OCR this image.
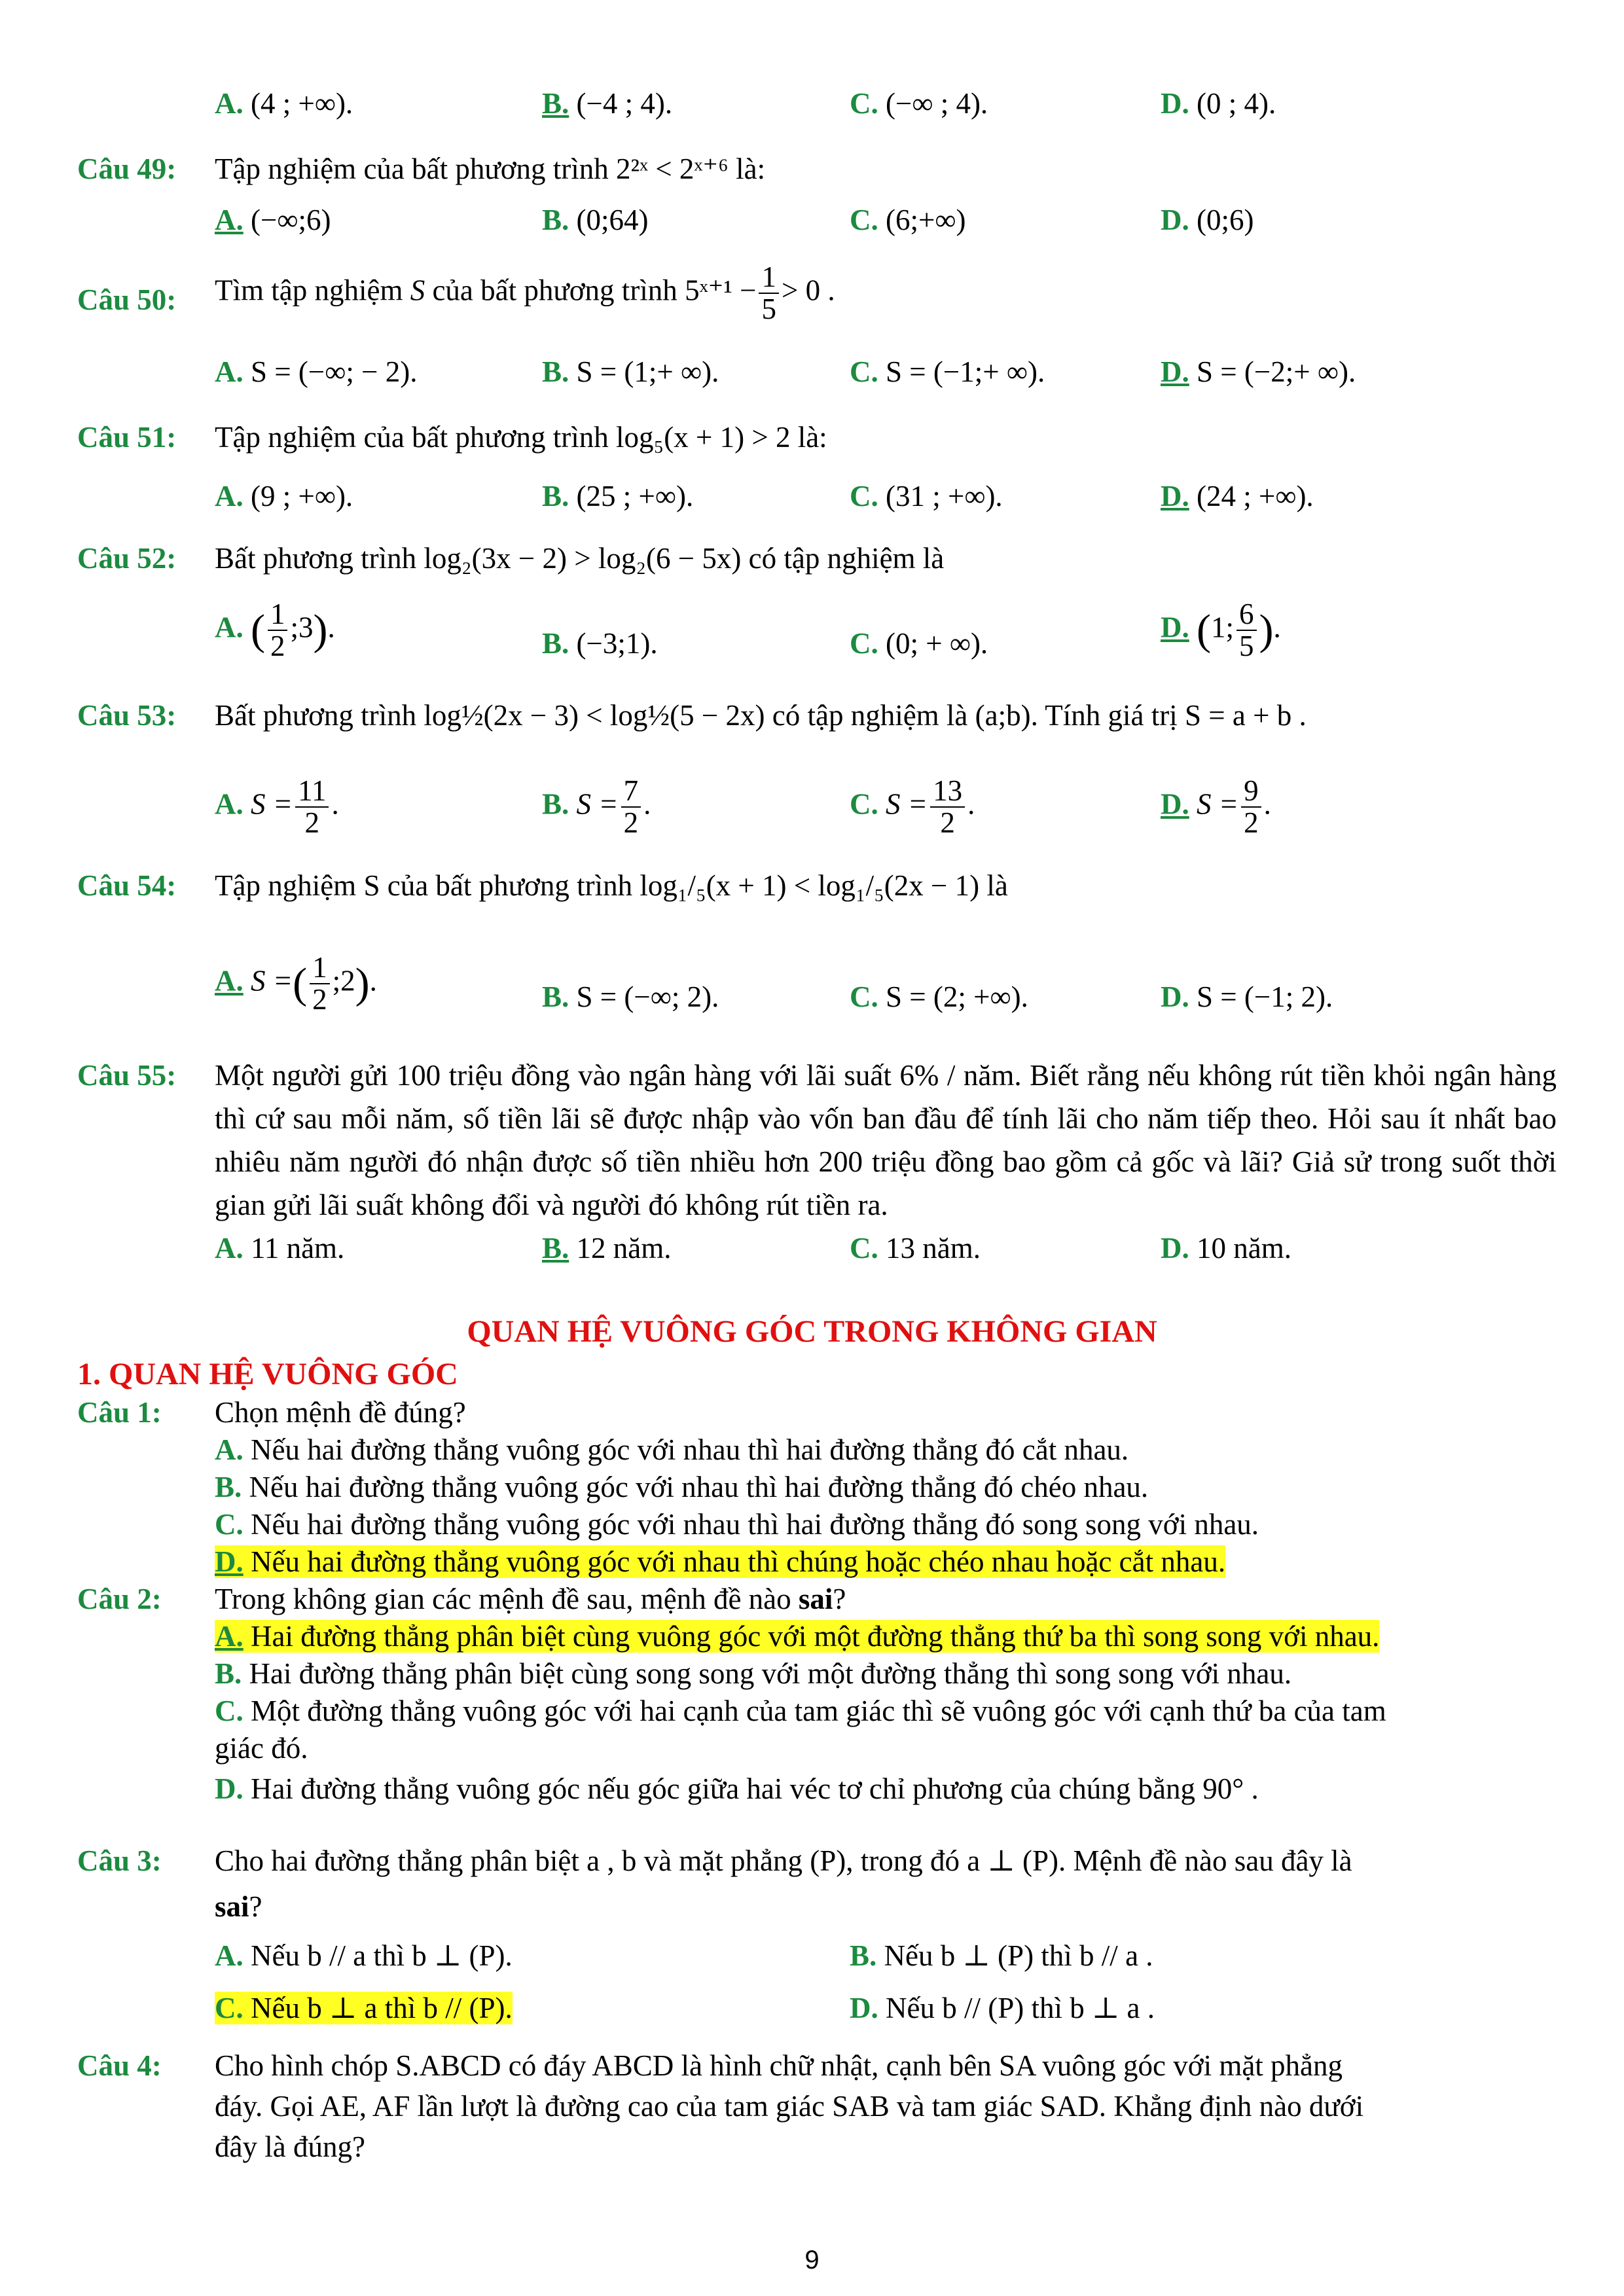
A. (4 ; +∞).	B. (−4 ; 4).	C. (−∞ ; 4).	D. (0 ; 4).
Câu 49: Tập nghiệm của bất phương trình 2²ˣ < 2ˣ⁺⁶ là:
A. (−∞;6)	B. (0;64)	C. (6;+∞)	D. (0;6)
Câu 50: Tìm tập nghiệm S của bất phương trình 5ˣ⁺¹ − $\frac{1}{5} > 0$ .
A. S = (−∞; − 2).	B. S = (1;+ ∞).	C. S = (−1;+ ∞).	D. S = (−2;+ ∞).
Câu 51: Tập nghiệm của bất phương trình log₅(x + 1) > 2 là:
A. (9 ; +∞).	B. (25 ; +∞).	C. (31 ; +∞).	D. (24 ; +∞).
Câu 52: Bất phương trình log₂(3x − 2) > log₂(6 − 5x) có tập nghiệm là
A. ( $\frac{1}{2}$ ;3).	B. (−3;1).	C. (0; + ∞).	D. (1; $\frac{6}{5}$ ).
Câu 53: Bất phương trình log½(2x − 3) < log½(5 − 2x) có tập nghiệm là (a;b). Tính giá trị S = a + b .
A. $S = \frac{11}{2}$ .	B. $S = \frac{7}{2}$ .	C. $S = \frac{13}{2}$ .	D. $S = \frac{9}{2}$ .
Câu 54: Tập nghiệm S của bất phương trình log₁/₅(x + 1) < log₁/₅(2x − 1) là
A. S =( $\frac{1}{2}$ ;2).	B. S = (−∞; 2).	C. S = (2; +∞).	D. S = (−1; 2).
Câu 55: Một người gửi 100 triệu đồng vào ngân hàng với lãi suất 6% / năm. Biết rằng nếu không rút tiền khỏi ngân hàng thì cứ sau mỗi năm, số tiền lãi sẽ được nhập vào vốn ban đầu để tính lãi cho năm tiếp theo. Hỏi sau ít nhất bao nhiêu năm người đó nhận được số tiền nhiều hơn 200 triệu đồng bao gồm cả gốc và lãi? Giả sử trong suốt thời gian gửi lãi suất không đổi và người đó không rút tiền ra.
A. 11 năm.	B. 12 năm.	C. 13 năm.	D. 10 năm.
QUAN HỆ VUÔNG GÓC TRONG KHÔNG GIAN
1. QUAN HỆ VUÔNG GÓC
Câu 1: Chọn mệnh đề đúng?
A. Nếu hai đường thẳng vuông góc với nhau thì hai đường thẳng đó cắt nhau.
B. Nếu hai đường thẳng vuông góc với nhau thì hai đường thẳng đó chéo nhau.
C. Nếu hai đường thẳng vuông góc với nhau thì hai đường thẳng đó song song với nhau.
D. Nếu hai đường thẳng vuông góc với nhau thì chúng hoặc chéo nhau hoặc cắt nhau.
Câu 2: Trong không gian các mệnh đề sau, mệnh đề nào sai?
A. Hai đường thẳng phân biệt cùng vuông góc với một đường thẳng thứ ba thì song song với nhau.
B. Hai đường thẳng phân biệt cùng song song với một đường thẳng thì song song với nhau.
C. Một đường thẳng vuông góc với hai cạnh của tam giác thì sẽ vuông góc với cạnh thứ ba của tam
giác đó.
D. Hai đường thẳng vuông góc nếu góc giữa hai véc tơ chỉ phương của chúng bằng 90° .
Câu 3: Cho hai đường thẳng phân biệt a , b và mặt phẳng (P), trong đó a ⊥ (P). Mệnh đề nào sau đây là
sai?
A. Nếu b // a thì b ⊥ (P).	B. Nếu b ⊥ (P) thì b // a .
C. Nếu b ⊥ a thì b // (P).	D. Nếu b // (P) thì b ⊥ a .
Câu 4: Cho hình chóp S.ABCD có đáy ABCD là hình chữ nhật, cạnh bên SA vuông góc với mặt phẳng
đáy. Gọi AE, AF lần lượt là đường cao của tam giác SAB và tam giác SAD. Khẳng định nào dưới
đây là đúng?
9
